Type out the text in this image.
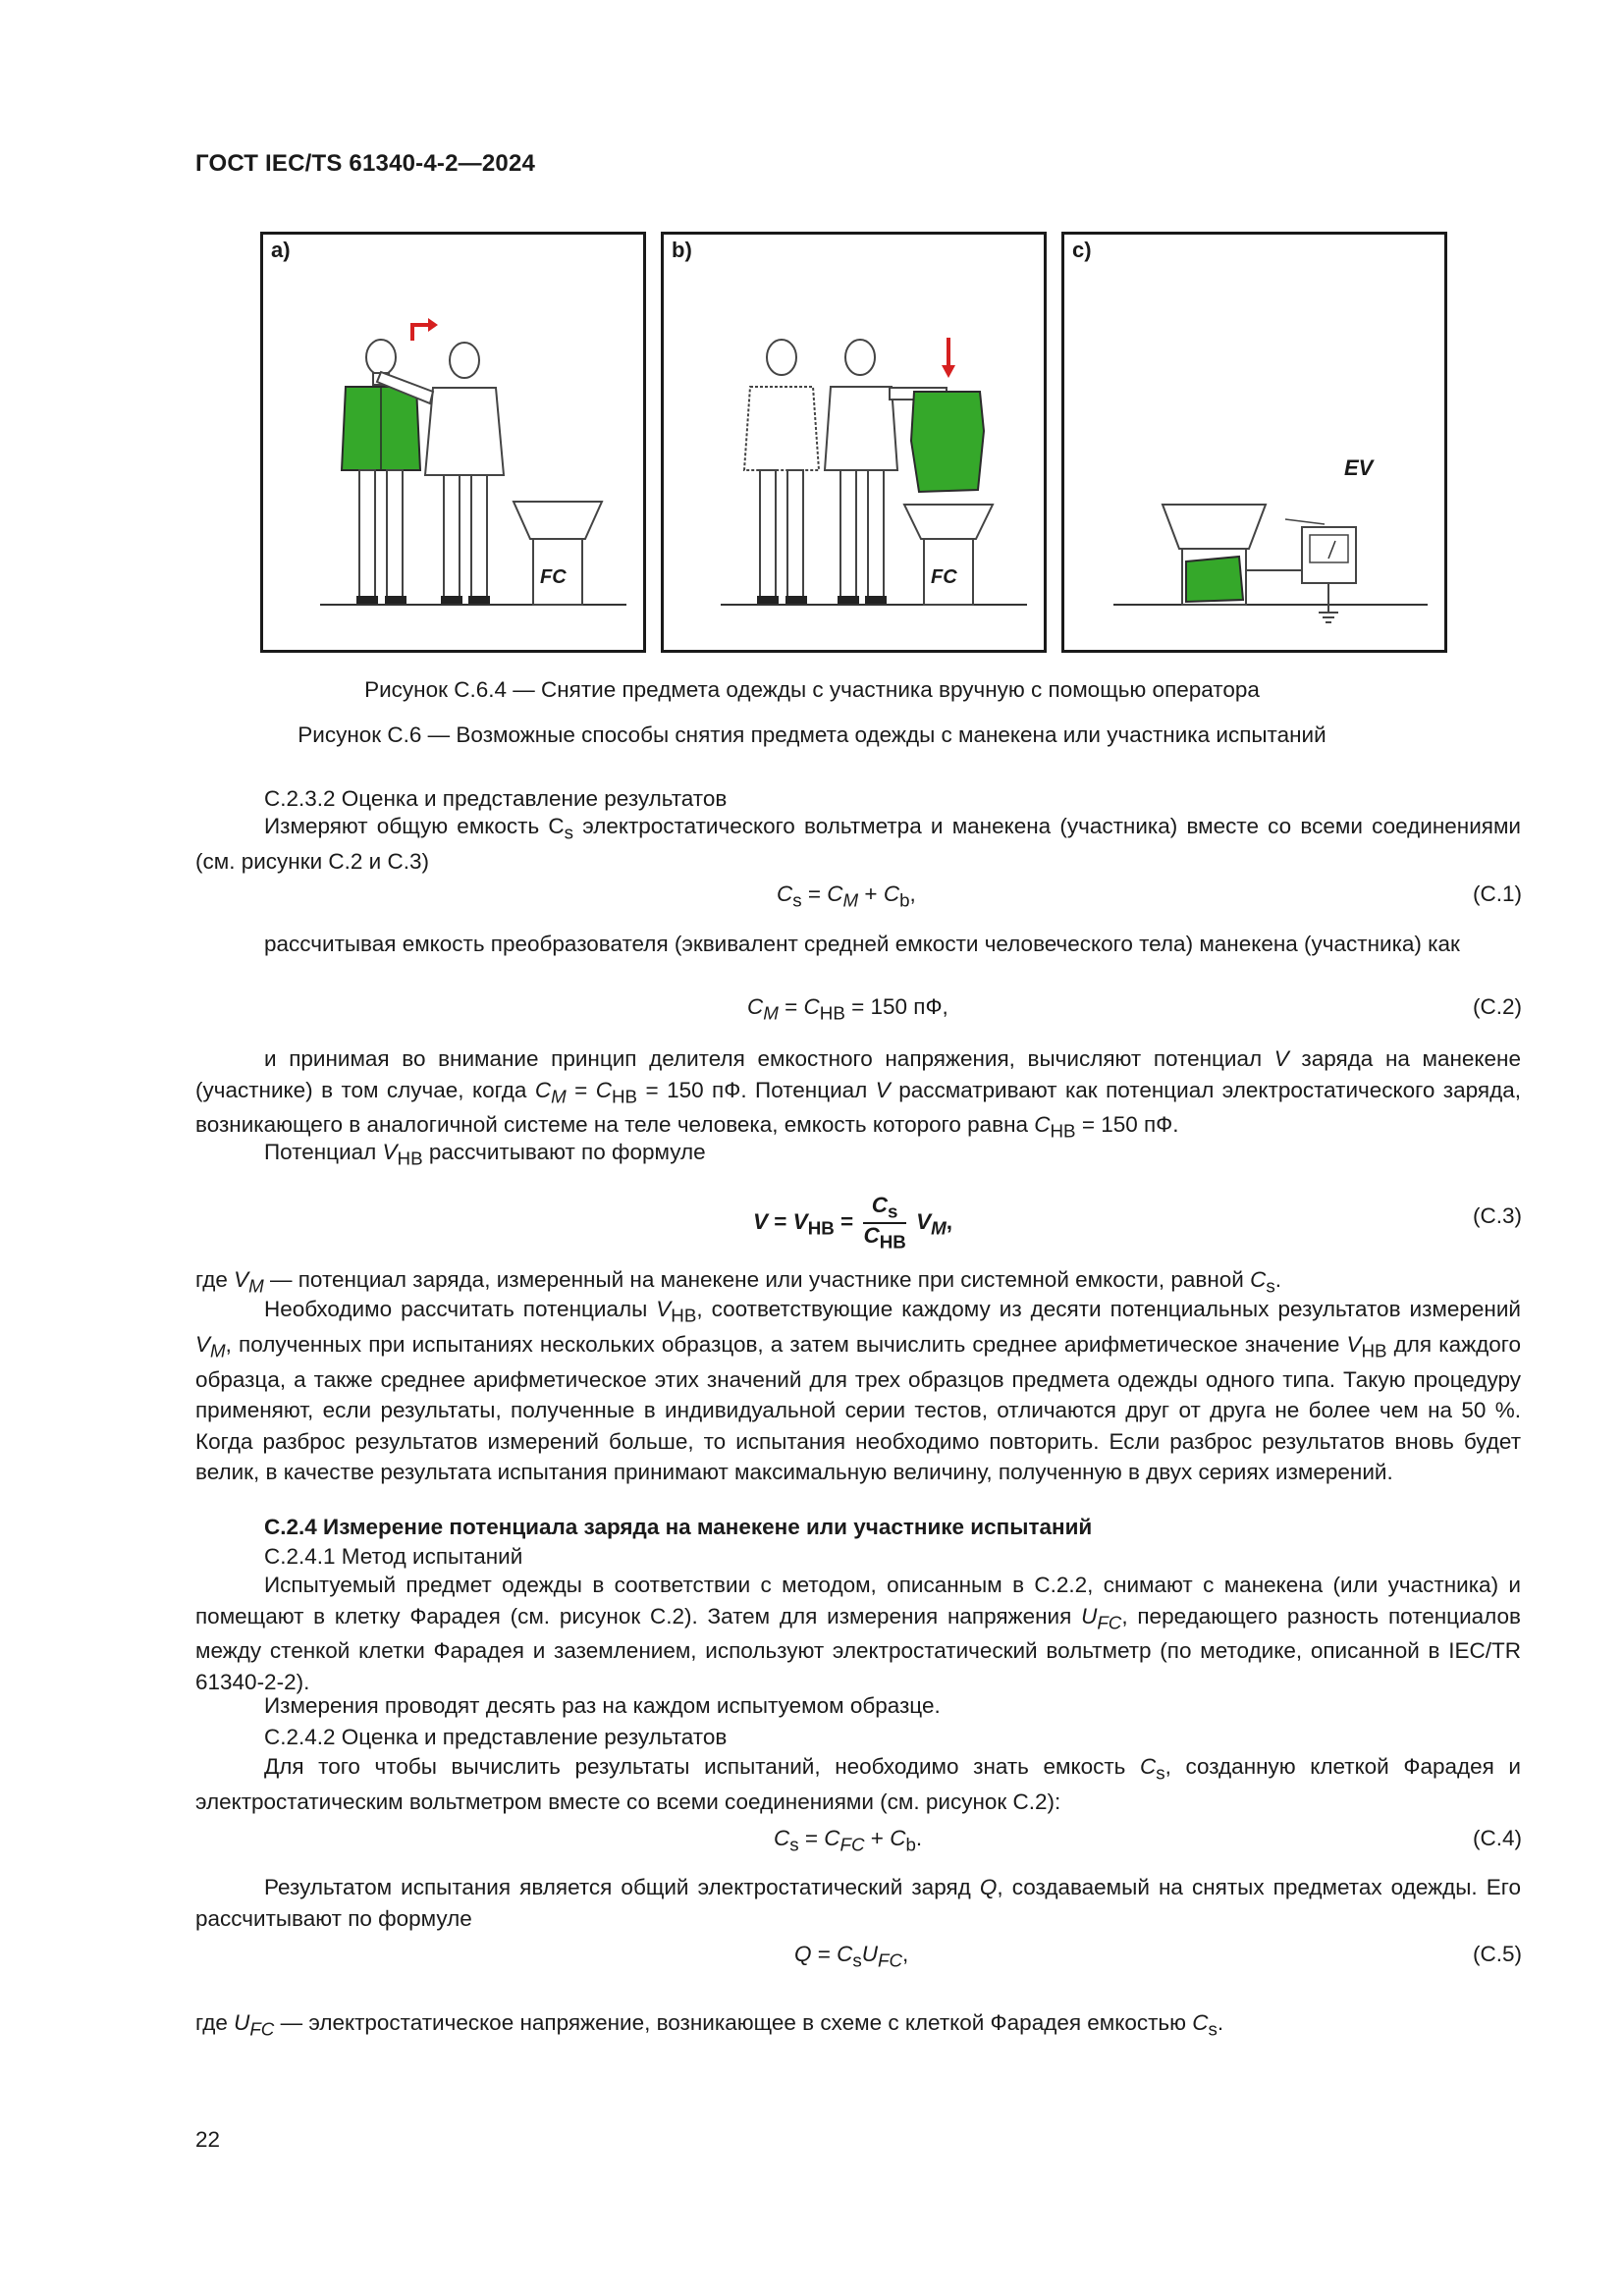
ГОСТ IEC/TS 61340-4-2—2024
a)
FC
b)
FC
c)
EV
Рисунок С.6.4 — Снятие предмета одежды с участника вручную с помощью оператора
Рисунок С.6 — Возможные способы снятия предмета одежды с манекена или участника испытаний
С.2.3.2 Оценка и представление результатов
Измеряют общую емкость $C_s$ электростатического вольтметра и манекена (участника) вместе со всеми соединениями (см. рисунки С.2 и С.3)
$C_s = C_M + C_b$,	(С.1)
рассчитывая емкость преобразователя (эквивалент средней емкости человеческого тела) манекена (участника) как
$C_M = C_{НВ} = 150$ пФ,	(С.2)
и принимая во внимание принцип делителя емкостного напряжения, вычисляют потенциал V заряда на манекене (участнике) в том случае, когда $C_M = C_{НВ} = 150$ пФ. Потенциал V рассматривают как потенциал электростатического заряда, возникающего в аналогичной системе на теле человека, емкость которого равна $C_{НВ} = 150$ пФ.
Потенциал $V_{НВ}$ рассчитывают по формуле
$V = V_{НВ} = \frac{C_s}{C_{НВ}} V_M$,	(С.3)
где $V_M$ — потенциал заряда, измеренный на манекене или участнике при системной емкости, равной $C_s$.
Необходимо рассчитать потенциалы $V_{НВ}$, соответствующие каждому из десяти потенциальных результатов измерений $V_M$, полученных при испытаниях нескольких образцов, а затем вычислить среднее арифметическое значение $V_{НВ}$ для каждого образца, а также среднее арифметическое этих значений для трех образцов предмета одежды одного типа. Такую процедуру применяют, если результаты, полученные в индивидуальной серии тестов, отличаются друг от друга не более чем на 50 %. Когда разброс результатов измерений больше, то испытания необходимо повторить. Если разброс результатов вновь будет велик, в качестве результата испытания принимают максимальную величину, полученную в двух сериях измерений.
С.2.4 Измерение потенциала заряда на манекене или участнике испытаний
С.2.4.1 Метод испытаний
Испытуемый предмет одежды в соответствии с методом, описанным в С.2.2, снимают с манекена (или участника) и помещают в клетку Фарадея (см. рисунок С.2). Затем для измерения напряжения $U_{FC}$, передающего разность потенциалов между стенкой клетки Фарадея и заземлением, используют электростатический вольтметр (по методике, описанной в IEC/TR 61340-2-2).
Измерения проводят десять раз на каждом испытуемом образце.
С.2.4.2 Оценка и представление результатов
Для того чтобы вычислить результаты испытаний, необходимо знать емкость $C_s$, созданную клеткой Фарадея и электростатическим вольтметром вместе со всеми соединениями (см. рисунок С.2):
$C_s = C_{FC} + C_b$.	(С.4)
Результатом испытания является общий электростатический заряд Q, создаваемый на снятых предметах одежды. Его рассчитывают по формуле
$Q = C_sU_{FC}$,	(С.5)
где $U_{FC}$ — электростатическое напряжение, возникающее в схеме с клеткой Фарадея емкостью $C_s$.
22
